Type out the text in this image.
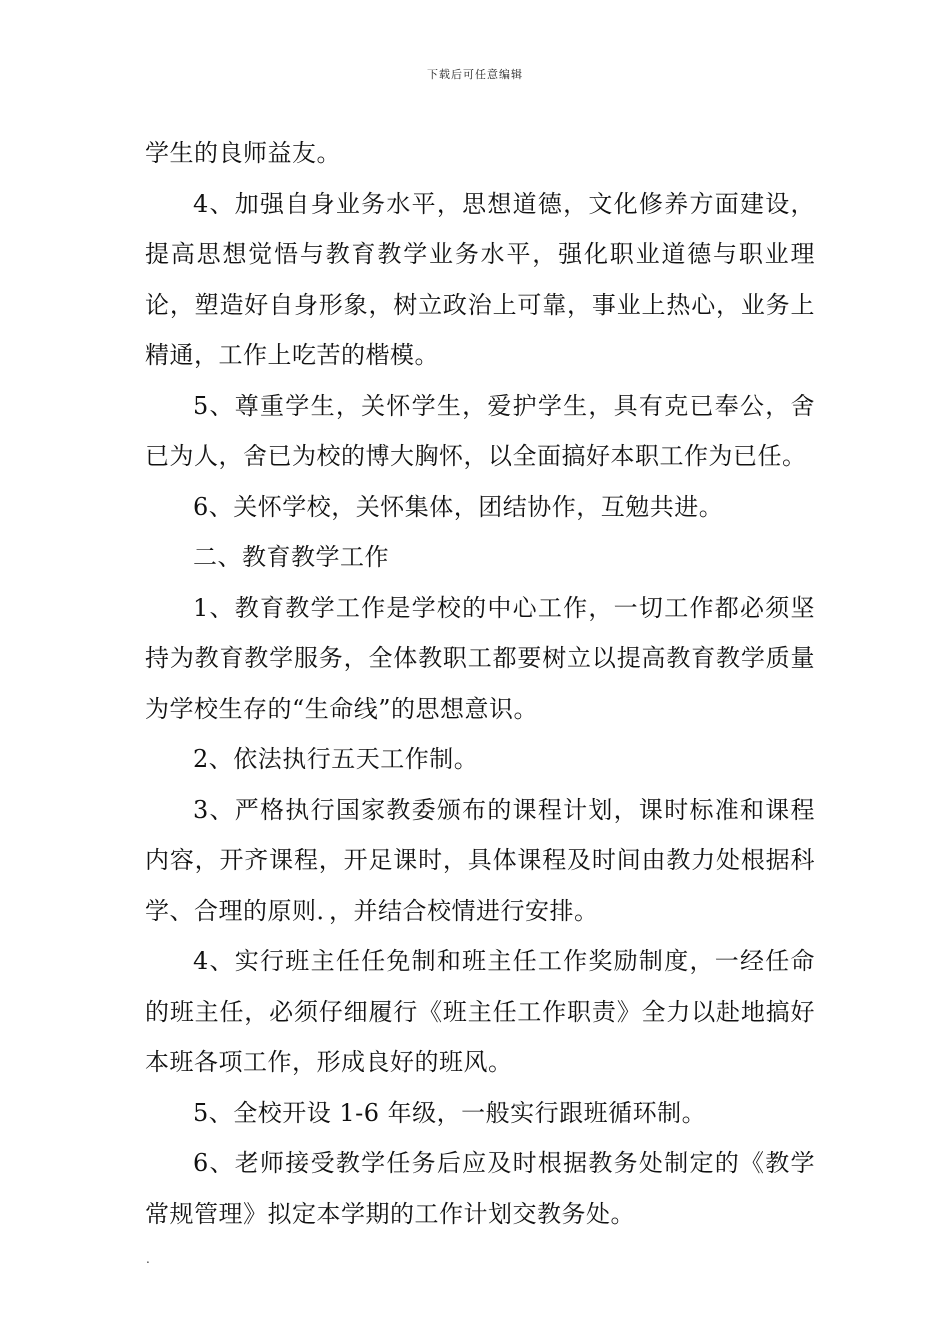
下载后可任意编辑

学生的良师益友。

4、加强自身业务水平，思想道德，文化修养方面建设，提高思想觉悟与教育教学业务水平，强化职业道德与职业理论，塑造好自身形象，树立政治上可靠，事业上热心，业务上精通，工作上吃苦的楷模。

5、尊重学生，关怀学生，爱护学生，具有克已奉公，舍已为人，舍已为校的博大胸怀，以全面搞好本职工作为已任。

6、关怀学校，关怀集体，团结协作，互勉共进。

二、教育教学工作

1、教育教学工作是学校的中心工作，一切工作都必须坚持为教育教学服务，全体教职工都要树立以提高教育教学质量为学校生存的“生命线”的思想意识。

2、依法执行五天工作制。

3、严格执行国家教委颁布的课程计划，课时标准和课程内容，开齐课程，开足课时，具体课程及时间由教力处根据科学、合理的原则．，并结合校情进行安排。

4、实行班主任任免制和班主任工作奖励制度，一经任命的班主任，必须仔细履行《班主任工作职责》全力以赴地搞好本班各项工作，形成良好的班风。

5、全校开设 1-6 年级，一般实行跟班循环制。

6、老师接受教学任务后应及时根据教务处制定的《教学常规管理》拟定本学期的工作计划交教务处。

.
